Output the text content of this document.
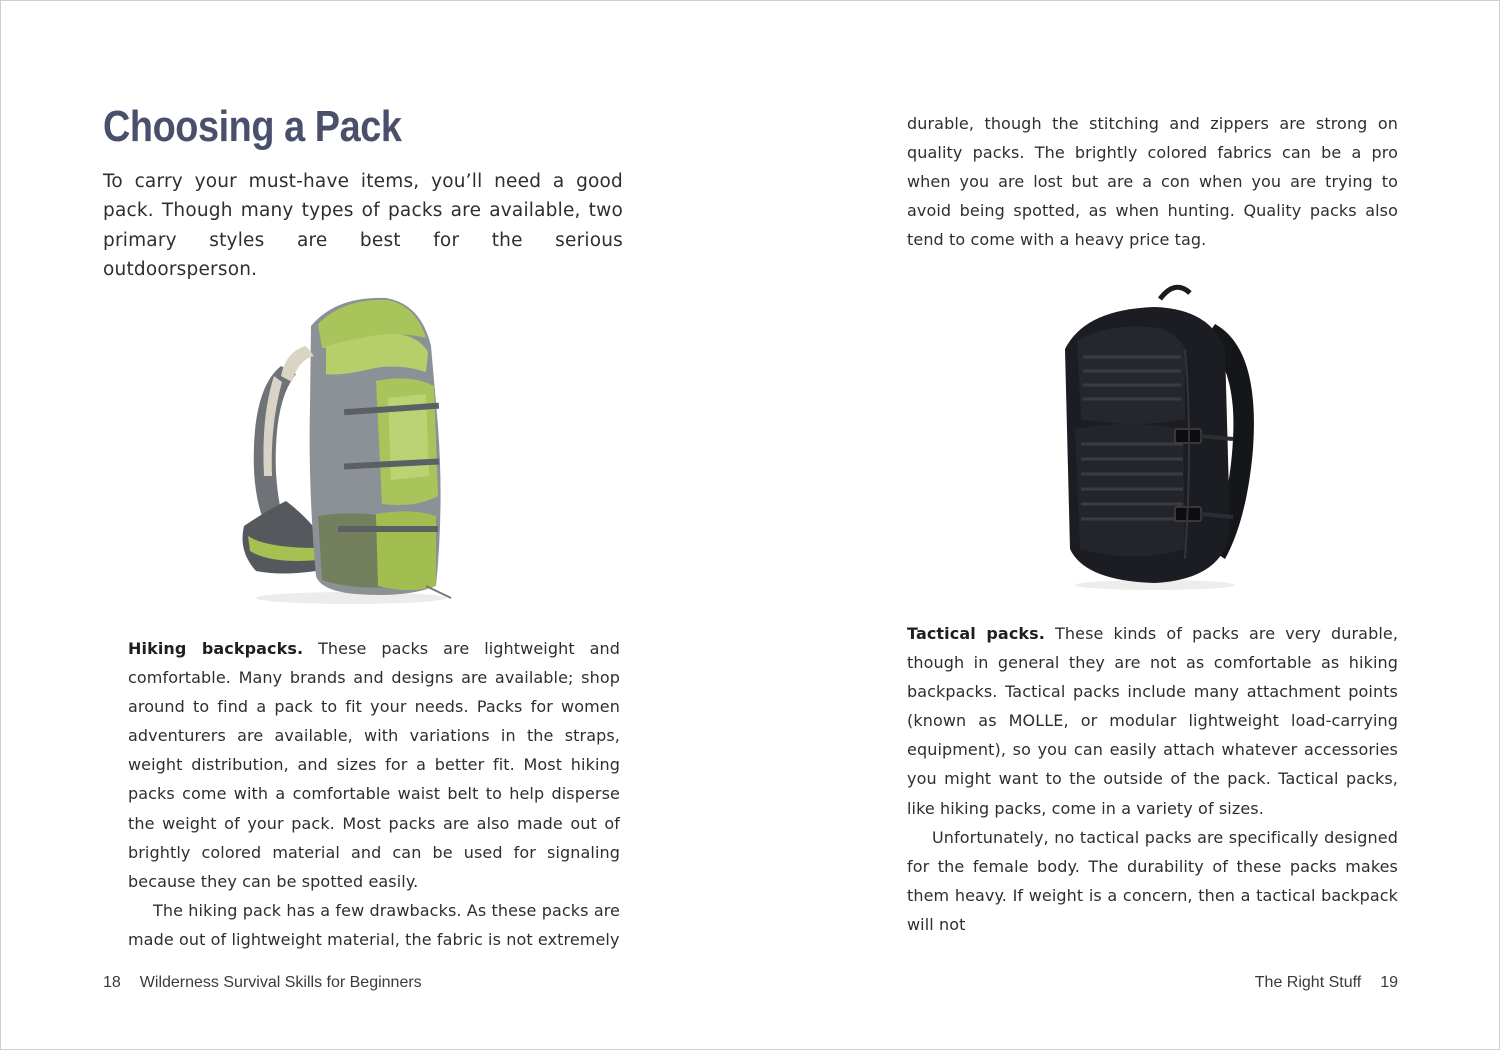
Choosing a Pack

To carry your must-have items, you’ll need a good pack. Though many types of packs are available, two primary styles are best for the serious outdoorsperson.

Hiking backpacks. These packs are lightweight and comfortable. Many brands and designs are available; shop around to find a pack to fit your needs. Packs for women adventurers are available, with variations in the straps, weight distribution, and sizes for a better fit. Most hiking packs come with a comfortable waist belt to help disperse the weight of your pack. Most packs are also made out of brightly colored material and can be used for signaling because they can be spotted easily.

The hiking pack has a few drawbacks. As these packs are made out of lightweight material, the fabric is not extremely

18 Wilderness Survival Skills for Beginners

durable, though the stitching and zippers are strong on quality packs. The brightly colored fabrics can be a pro when you are lost but are a con when you are trying to avoid being spotted, as when hunting. Quality packs also tend to come with a heavy price tag.

Tactical packs. These kinds of packs are very durable, though in general they are not as comfortable as hiking backpacks. Tactical packs include many attachment points (known as MOLLE, or modular lightweight load-carrying equipment), so you can easily attach whatever accessories you might want to the outside of the pack. Tactical packs, like hiking packs, come in a variety of sizes.

Unfortunately, no tactical packs are specifically designed for the female body. The durability of these packs makes them heavy. If weight is a concern, then a tactical backpack will not

The Right Stuff 19
